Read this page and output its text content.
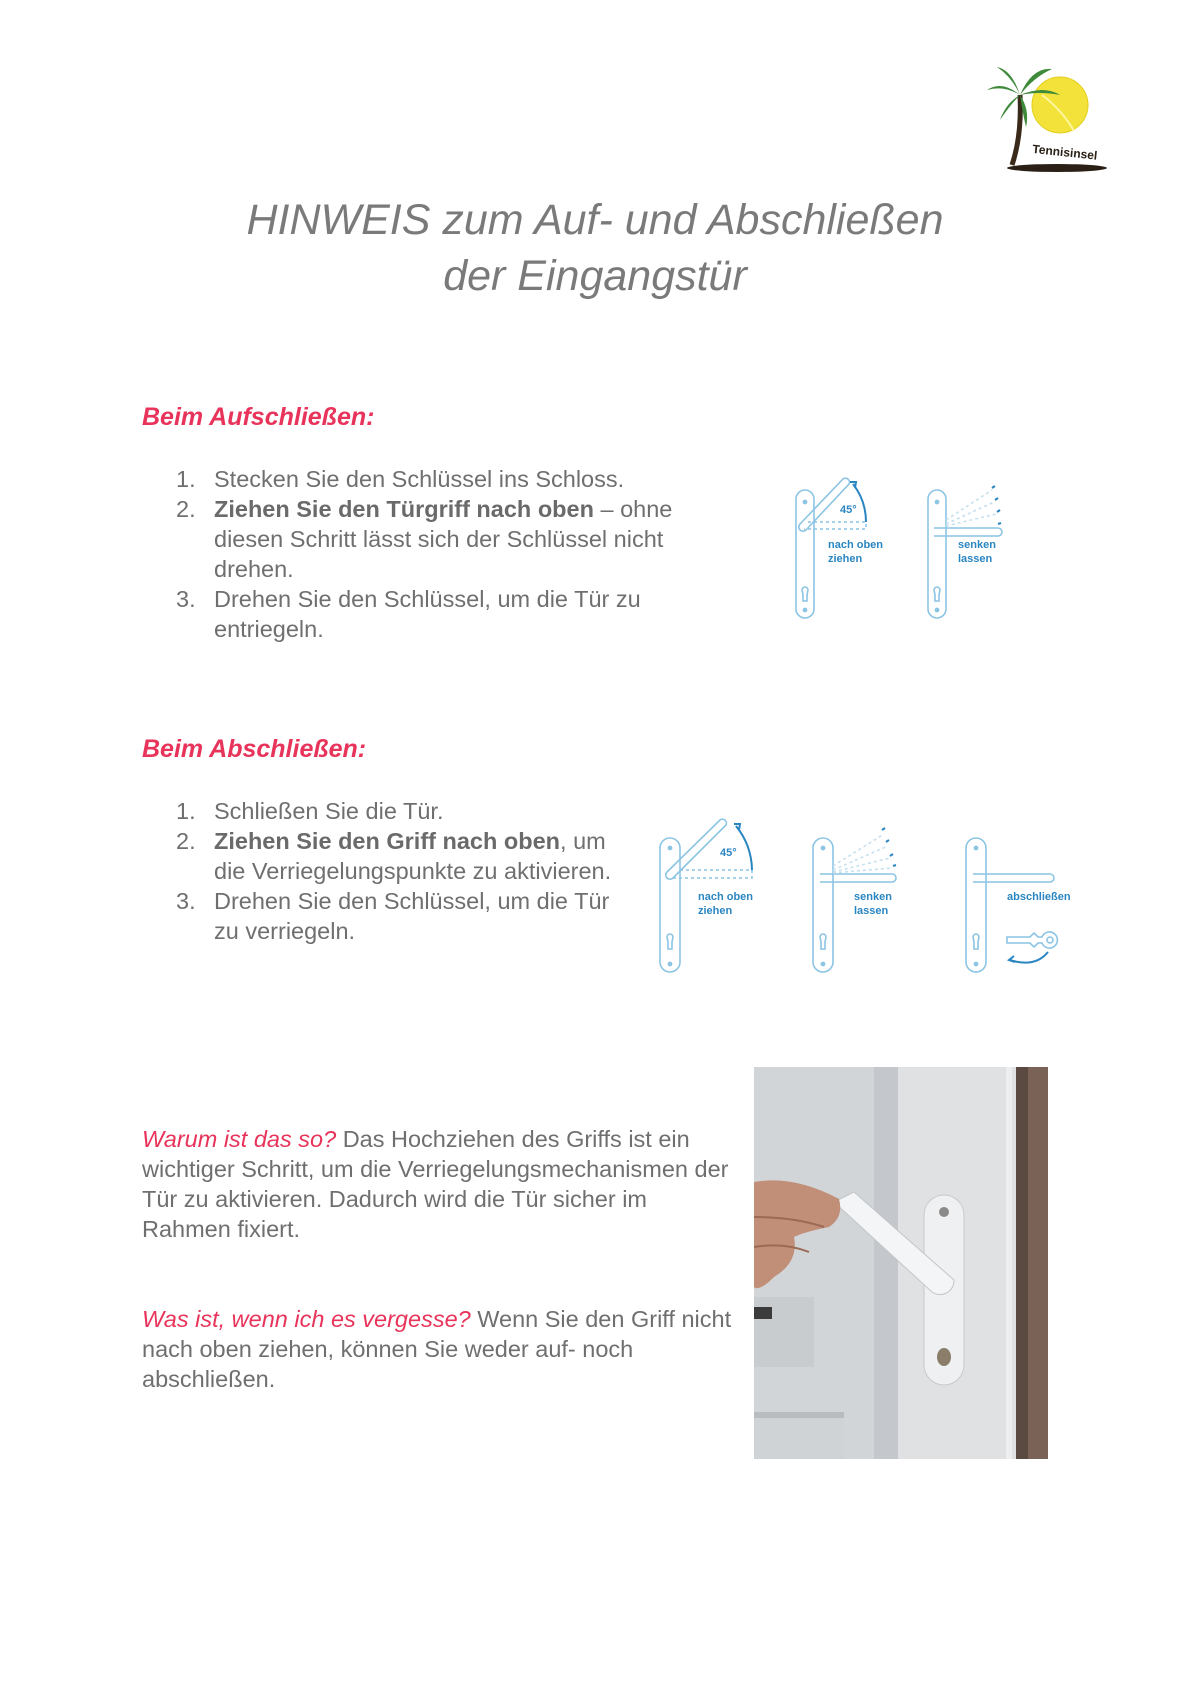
Tennisinsel
HINWEIS zum Auf- und Abschließen
der Eingangstür
Beim Aufschließen:
1. Stecken Sie den Schlüssel ins Schloss.
2. Ziehen Sie den Türgriff nach oben – ohne diesen Schritt lässt sich der Schlüssel nicht drehen.
3. Drehen Sie den Schlüssel, um die Tür zu entriegeln.
45°
nach oben
ziehen
senken
lassen
Beim Abschließen:
1. Schließen Sie die Tür.
2. Ziehen Sie den Griff nach oben, um die Verriegelungspunkte zu aktivieren.
3. Drehen Sie den Schlüssel, um die Tür zu verriegeln.
45°
nach oben
ziehen
senken
lassen
abschließen
Warum ist das so? Das Hochziehen des Griffs ist ein wichtiger Schritt, um die Verriegelungsmechanismen der Tür zu aktivieren. Dadurch wird die Tür sicher im Rahmen fixiert.
Was ist, wenn ich es vergesse? Wenn Sie den Griff nicht nach oben ziehen, können Sie weder auf- noch abschließen.
